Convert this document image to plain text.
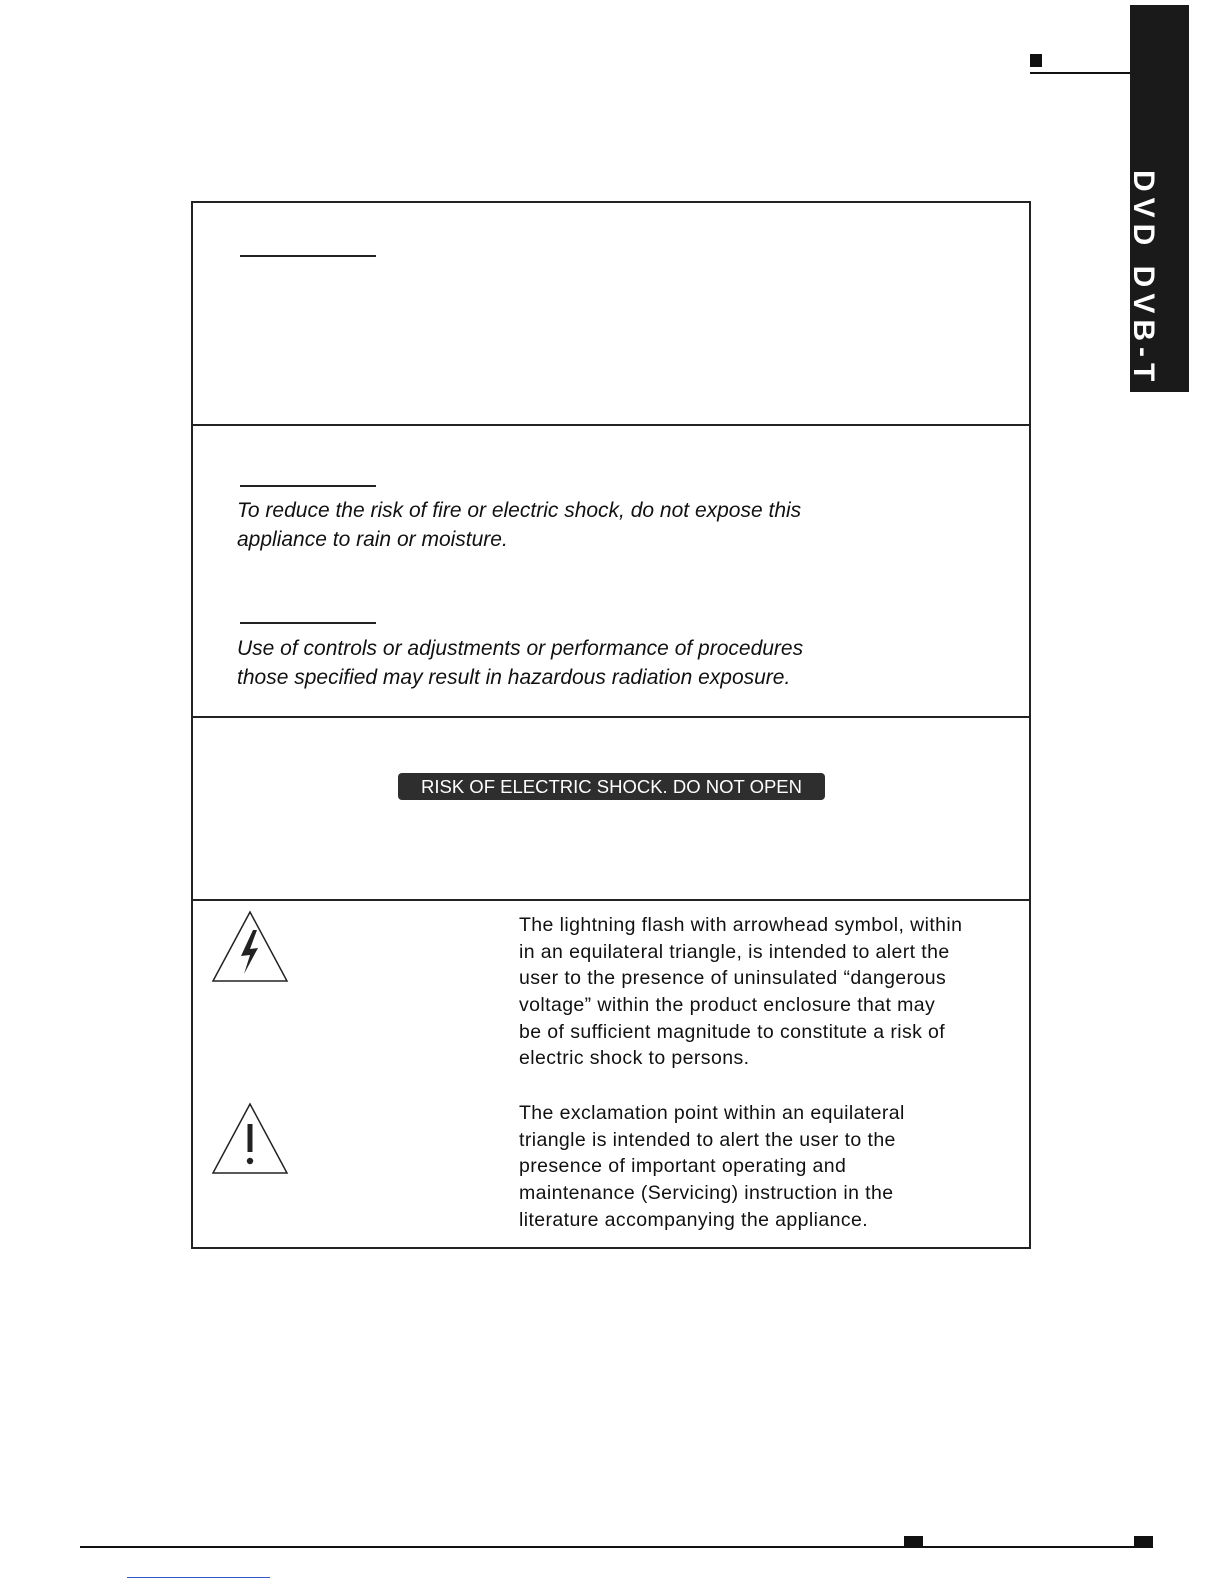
DVD DVB-T
To reduce the risk of fire or electric shock, do not expose this
appliance to rain or moisture.
Use of controls or adjustments or performance of procedures
those specified may result in hazardous radiation exposure.
RISK OF ELECTRIC SHOCK. DO NOT OPEN
The lightning flash with arrowhead symbol, within
in an equilateral triangle, is intended to alert the
user to the presence of uninsulated “dangerous
voltage” within the product enclosure that may
be of sufficient magnitude to constitute a risk of
electric shock to persons.
The exclamation point within an equilateral
triangle is intended to alert the user to the
presence of important operating and
maintenance (Servicing) instruction in the
literature accompanying the appliance.
